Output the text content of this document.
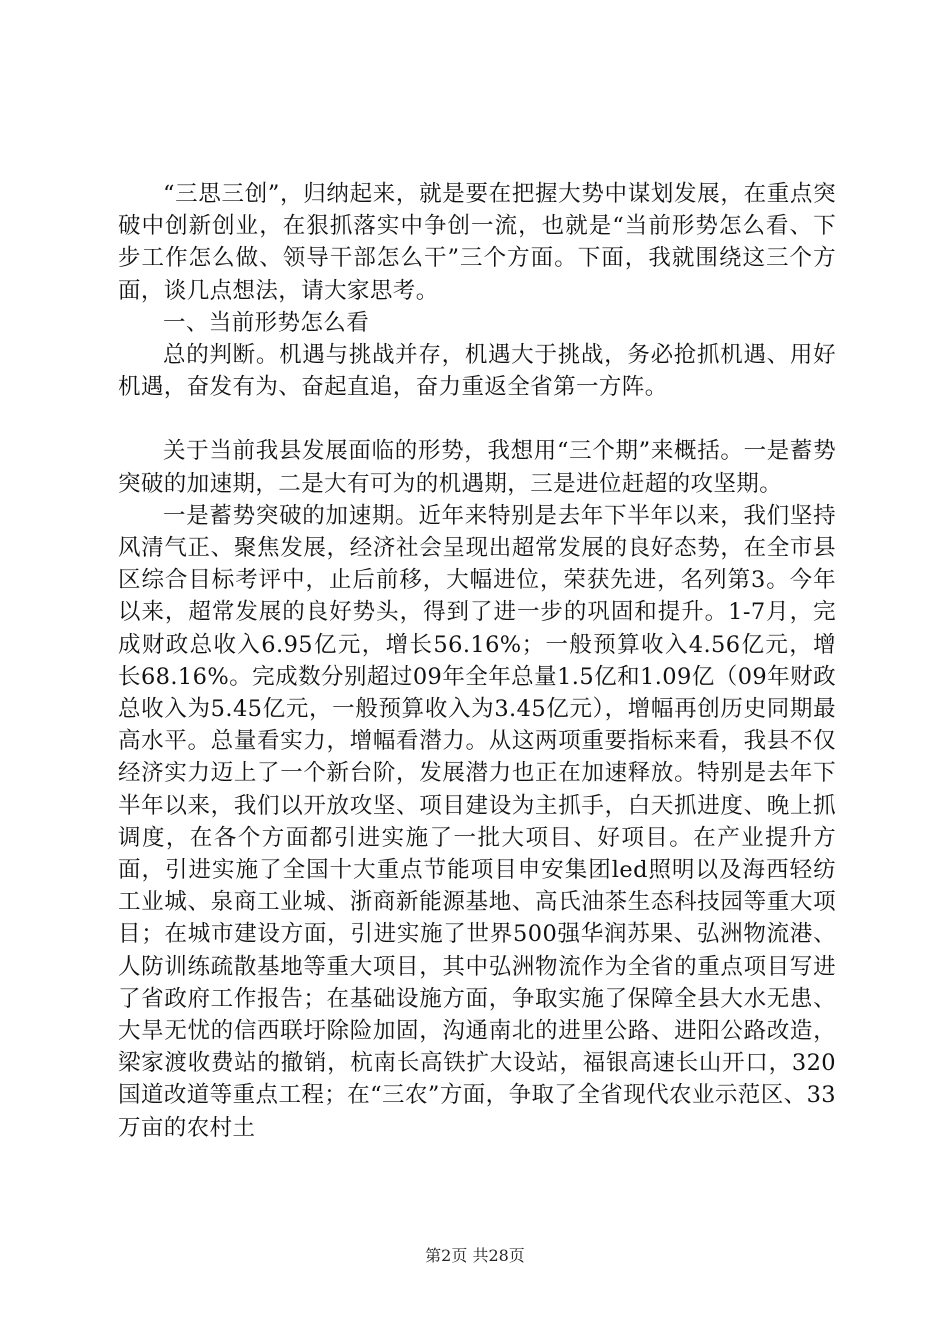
“三思三创”，归纳起来，就是要在把握大势中谋划发展，在重点突破中创新创业，在狠抓落实中争创一流，也就是“当前形势怎么看、下步工作怎么做、领导干部怎么干”三个方面。下面，我就围绕这三个方面，谈几点想法，请大家思考。

一、当前形势怎么看

总的判断。机遇与挑战并存，机遇大于挑战，务必抢抓机遇、用好机遇，奋发有为、奋起直追，奋力重返全省第一方阵。

关于当前我县发展面临的形势，我想用“三个期”来概括。一是蓄势突破的加速期，二是大有可为的机遇期，三是进位赶超的攻坚期。

一是蓄势突破的加速期。近年来特别是去年下半年以来，我们坚持风清气正、聚焦发展，经济社会呈现出超常发展的良好态势，在全市县区综合目标考评中，止后前移，大幅进位，荣获先进，名列第3。今年以来，超常发展的良好势头，得到了进一步的巩固和提升。1-7月，完成财政总收入6.95亿元，增长56.16%；一般预算收入4.56亿元，增长68.16%。完成数分别超过09年全年总量1.5亿和1.09亿（09年财政总收入为5.45亿元，一般预算收入为3.45亿元），增幅再创历史同期最高水平。总量看实力，增幅看潜力。从这两项重要指标来看，我县不仅经济实力迈上了一个新台阶，发展潜力也正在加速释放。特别是去年下半年以来，我们以开放攻坚、项目建设为主抓手，白天抓进度、晚上抓调度，在各个方面都引进实施了一批大项目、好项目。在产业提升方面，引进实施了全国十大重点节能项目申安集团led照明以及海西轻纺工业城、泉商工业城、浙商新能源基地、高氏油茶生态科技园等重大项目；在城市建设方面，引进实施了世界500强华润苏果、弘洲物流港、人防训练疏散基地等重大项目，其中弘洲物流作为全省的重点项目写进了省政府工作报告；在基础设施方面，争取实施了保障全县大水无患、大旱无忧的信西联圩除险加固，沟通南北的进里公路、进阳公路改造，梁家渡收费站的撤销，杭南长高铁扩大设站，福银高速长山开口，320国道改道等重点工程；在“三农”方面，争取了全省现代农业示范区、33万亩的农村土

第2页 共28页
